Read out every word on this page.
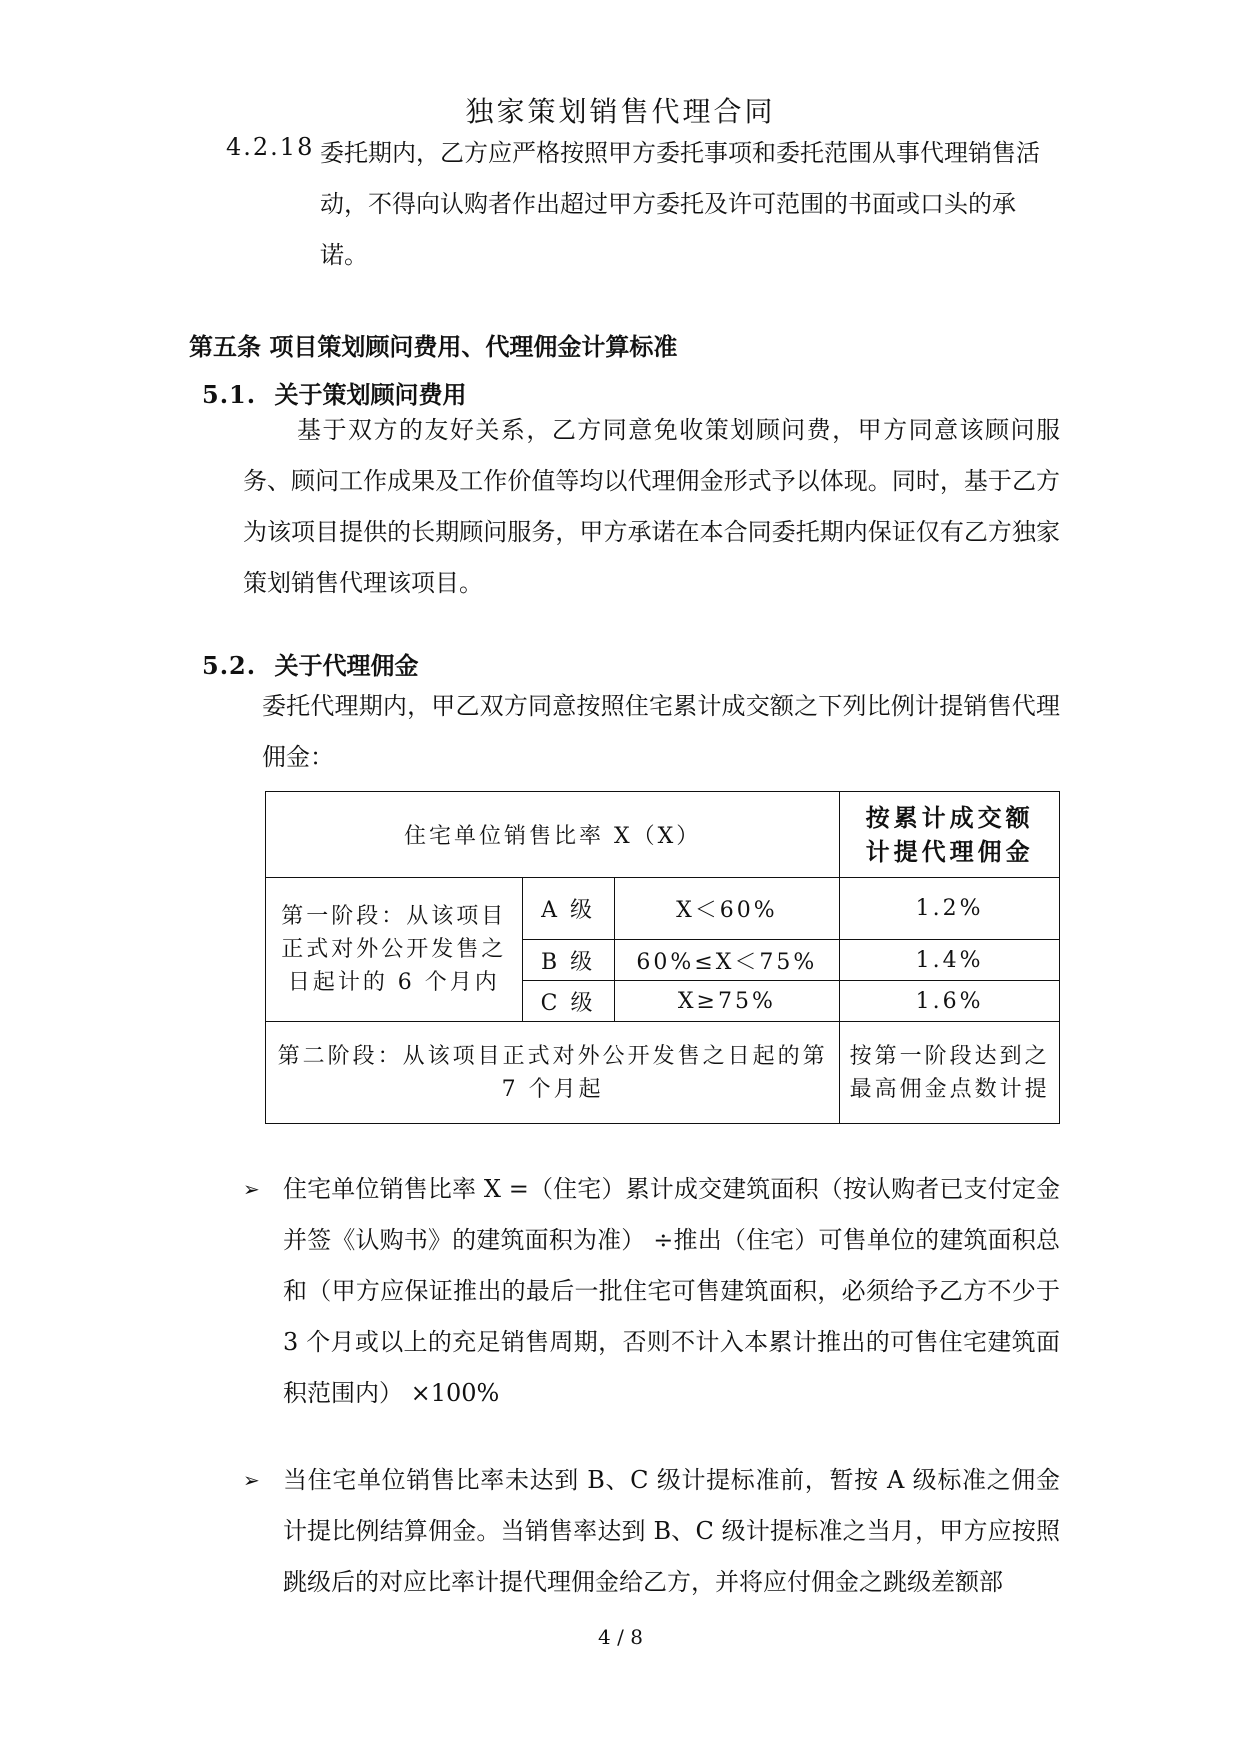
独家策划销售代理合同
4.2.18 委托期内，乙方应严格按照甲方委托事项和委托范围从事代理销售活动，不得向认购者作出超过甲方委托及许可范围的书面或口头的承诺。
第五条 项目策划顾问费用、代理佣金计算标准
5.1. 关于策划顾问费用
基于双方的友好关系，乙方同意免收策划顾问费，甲方同意该顾问服务、顾问工作成果及工作价值等均以代理佣金形式予以体现。同时，基于乙方为该项目提供的长期顾问服务，甲方承诺在本合同委托期内保证仅有乙方独家策划销售代理该项目。
5.2. 关于代理佣金
委托代理期内，甲乙双方同意按照住宅累计成交额之下列比例计提销售代理佣金：
住宅单位销售比率 X（X）			按累计成交额
计提代理佣金

第一阶段：从该项目正式对外公开发售之日起计的 6 个月内	A 级	X＜60%	1.2%
	B 级	60%≤X＜75%	1.4%
	C 级	X≥75%	1.6%
第二阶段：从该项目正式对外公开发售之日起的第 7 个月起			按第一阶段达到之最高佣金点数计提
➢ 住宅单位销售比率 X =（住宅）累计成交建筑面积（按认购者已支付定金并签《认购书》的建筑面积为准） ÷推出（住宅）可售单位的建筑面积总和（甲方应保证推出的最后一批住宅可售建筑面积，必须给予乙方不少于 3 个月或以上的充足销售周期，否则不计入本累计推出的可售住宅建筑面积范围内） ×100%
➢ 当住宅单位销售比率未达到 B、C 级计提标准前，暂按 A 级标准之佣金计提比例结算佣金。当销售率达到 B、C 级计提标准之当月，甲方应按照跳级后的对应比率计提代理佣金给乙方，并将应付佣金之跳级差额部
4 / 8
